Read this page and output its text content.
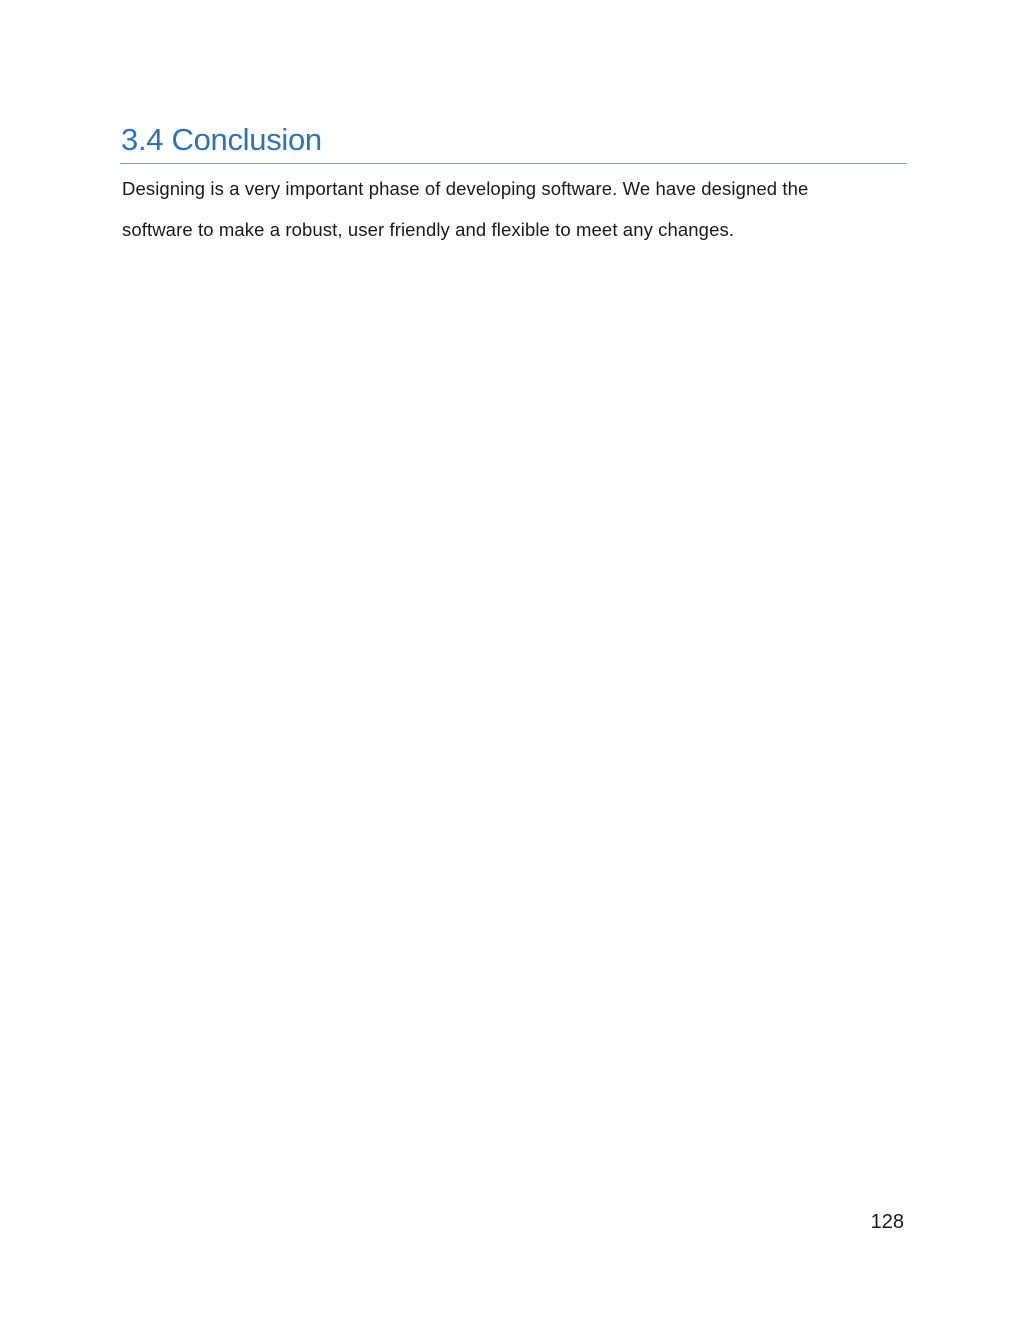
3.4 Conclusion
Designing is a very important phase of developing software. We have designed the
software to make a robust, user friendly and flexible to meet any changes.
128
